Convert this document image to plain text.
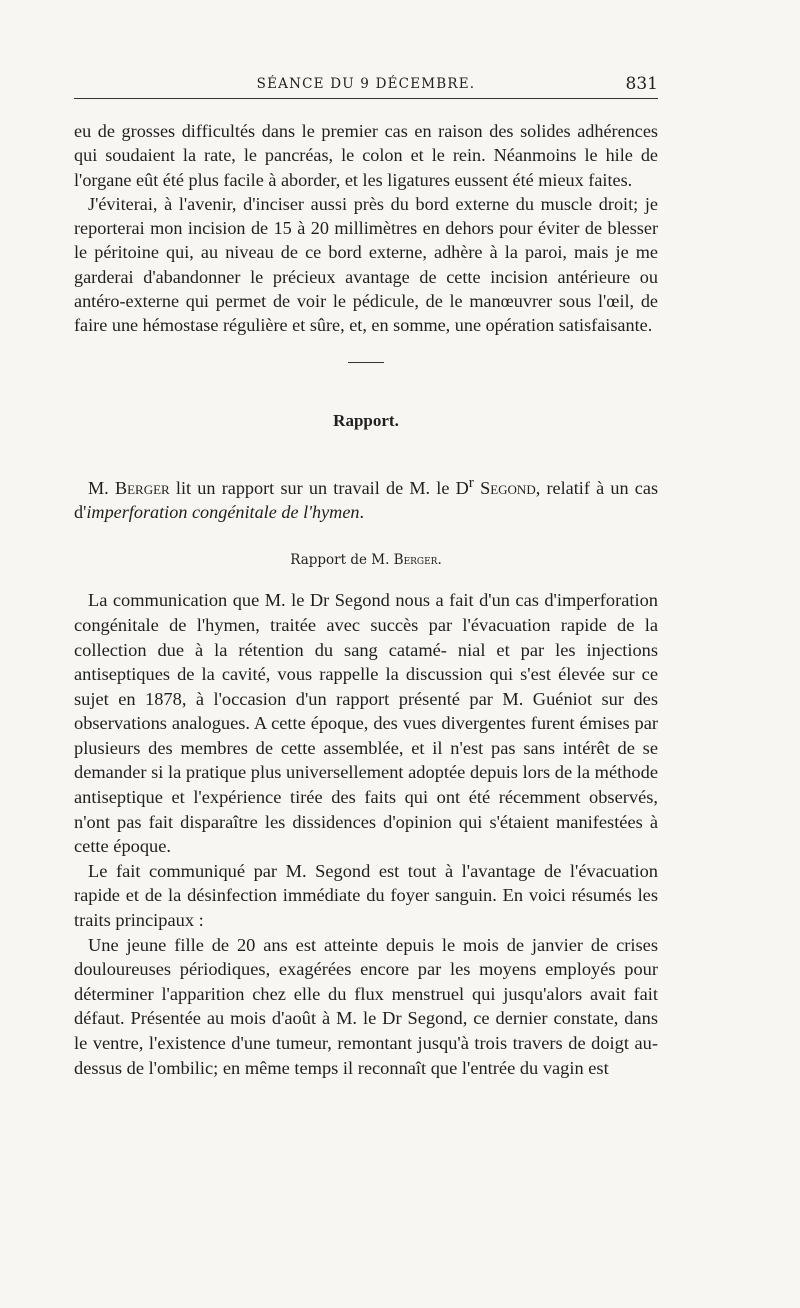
SÉANCE DU 9 DÉCEMBRE.	831

eu de grosses difficultés dans le premier cas en raison des solides adhérences qui soudaient la rate, le pancréas, le colon et le rein. Néanmoins le hile de l'organe eût été plus facile à aborder, et les ligatures eussent été mieux faites.

J'éviterai, à l'avenir, d'inciser aussi près du bord externe du muscle droit; je reporterai mon incision de 15 à 20 millimètres en dehors pour éviter de blesser le péritoine qui, au niveau de ce bord externe, adhère à la paroi, mais je me garderai d'abandonner le précieux avantage de cette incision antérieure ou antéro-externe qui permet de voir le pédicule, de le manœuvrer sous l'œil, de faire une hémostase régulière et sûre, et, en somme, une opération satisfaisante.

Rapport.
M. Berger lit un rapport sur un travail de M. le $D^r$ Segond, relatif à un cas d'imperforation congénitale de l'hymen.
Rapport de M. Berger.

La communication que M. le Dr Segond nous a fait d'un cas d'imperforation congénitale de l'hymen, traitée avec succès par l'évacuation rapide de la collection due à la rétention du sang catamé- nial et par les injections antiseptiques de la cavité, vous rappelle la discussion qui s'est élevée sur ce sujet en 1878, à l'occasion d'un rapport présenté par M. Guéniot sur des observations analogues. A cette époque, des vues divergentes furent émises par plusieurs des membres de cette assemblée, et il n'est pas sans intérêt de se demander si la pratique plus universellement adoptée depuis lors de la méthode antiseptique et l'expérience tirée des faits qui ont été récemment observés, n'ont pas fait disparaître les dissidences d'opinion qui s'étaient manifestées à cette époque.

Le fait communiqué par M. Segond est tout à l'avantage de l'évacuation rapide et de la désinfection immédiate du foyer sanguin. En voici résumés les traits principaux :

Une jeune fille de 20 ans est atteinte depuis le mois de janvier de crises douloureuses périodiques, exagérées encore par les moyens employés pour déterminer l'apparition chez elle du flux menstruel qui jusqu'alors avait fait défaut. Présentée au mois d'août à M. le Dr Segond, ce dernier constate, dans le ventre, l'existence d'une tumeur, remontant jusqu'à trois travers de doigt au-dessus de l'ombilic; en même temps il reconnaît que l'entrée du vagin est
